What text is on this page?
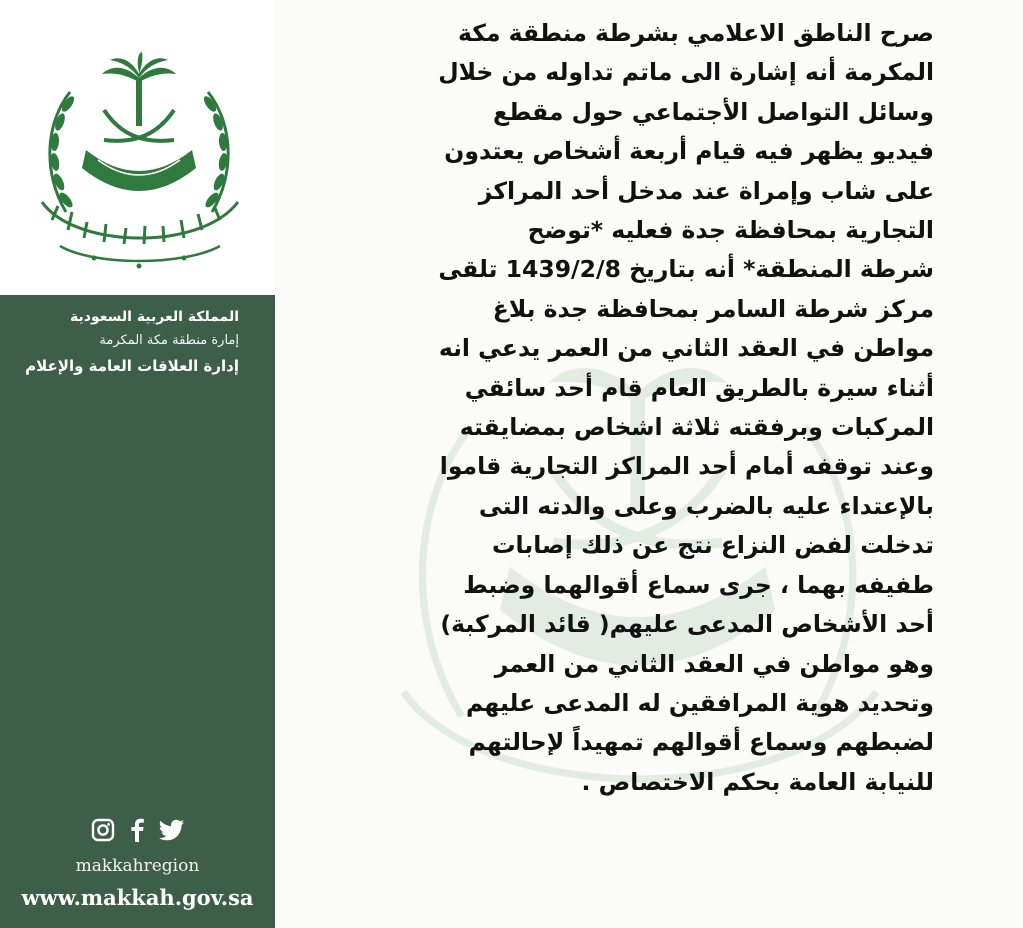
المملكة العربية السعودية
إمارة منطقة مكة المكرمة
إدارة العلاقات العامة والإعلام
makkahregion
www.makkah.gov.sa
صرح الناطق الاعلامي بشرطة منطقة مكة
المكرمة أنه إشارة الى ماتم تداوله من خلال
وسائل التواصل الأجتماعي حول مقطع
فيديو يظهر فيه قيام أربعة أشخاص يعتدون
على شاب وإمراة عند مدخل أحد المراكز
التجارية بمحافظة جدة فعليه *توضح
شرطة المنطقة* أنه بتاريخ 1439/2/8 تلقى
مركز شرطة السامر بمحافظة جدة بلاغ
مواطن في العقد الثاني من العمر يدعي انه
أثناء سيرة بالطريق العام قام أحد سائقي
المركبات وبرفقته ثلاثة اشخاص بمضايقته
وعند توقفه أمام أحد المراكز التجارية قاموا
بالإعتداء عليه بالضرب وعلى والدته التى
تدخلت لفض النزاع نتج عن ذلك إصابات
طفيفه بهما ، جرى سماع أقوالهما وضبط
أحد الأشخاص المدعى عليهم( قائد المركبة)
وهو مواطن في العقد الثاني من العمر
وتحديد هوية المرافقين له المدعى عليهم
لضبطهم وسماع أقوالهم تمهيداً لإحالتهم
للنيابة العامة بحكم الاختصاص .
